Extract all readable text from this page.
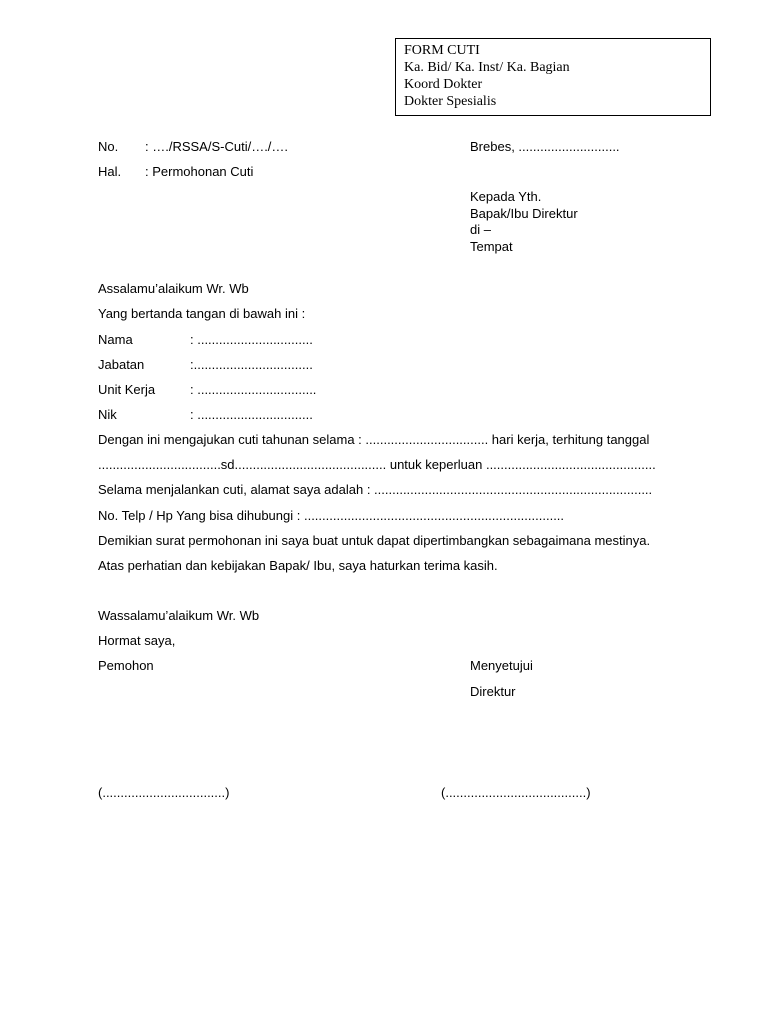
FORM CUTI
Ka. Bid/ Ka. Inst/ Ka. Bagian
Koord Dokter
Dokter Spesialis
No. : …./RSSA/S-Cuti/…./….
Hal. : Permohonan Cuti
Brebes, ............................
Kepada Yth.
Bapak/Ibu Direktur
di –
Tempat
Assalamu’alaikum Wr. Wb
Yang bertanda tangan di bawah ini :
Nama	: ................................
Jabatan	:.................................
Unit Kerja	: .................................
Nik	: ................................
Dengan ini mengajukan cuti tahunan selama : .................................. hari kerja, terhitung tanggal
..................................sd.......................................... untuk keperluan ...............................................
Selama menjalankan cuti, alamat saya adalah : .............................................................................
No. Telp / Hp Yang bisa dihubungi : ........................................................................
Demikian surat permohonan ini saya buat untuk dapat dipertimbangkan sebagaimana mestinya.
Atas perhatian dan kebijakan Bapak/ Ibu, saya haturkan terima kasih.
Wassalamu’alaikum Wr. Wb
Hormat saya,
Pemohon	Menyetujui
Direktur
(..................................)	(.......................................)
